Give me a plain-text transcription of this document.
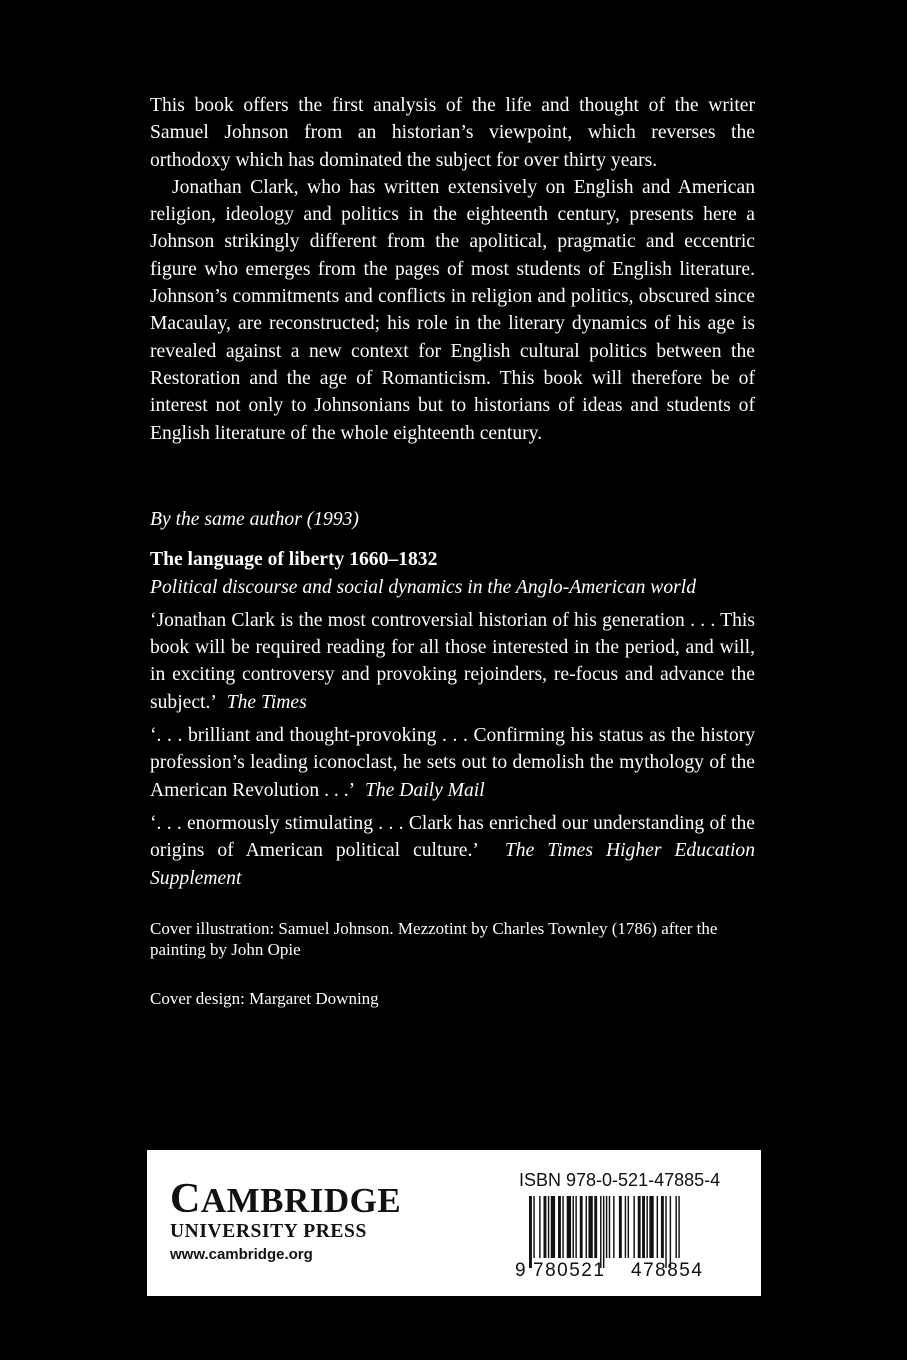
This book offers the first analysis of the life and thought of the writer Samuel Johnson from an historian’s viewpoint, which reverses the orthodoxy which has dominated the subject for over thirty years.

Jonathan Clark, who has written extensively on English and American religion, ideology and politics in the eighteenth century, presents here a Johnson strikingly different from the apolitical, pragmatic and eccentric figure who emerges from the pages of most students of English literature. Johnson’s commitments and conflicts in religion and politics, obscured since Macaulay, are reconstructed; his role in the literary dynamics of his age is revealed against a new context for English cultural politics between the Restoration and the age of Romanticism. This book will therefore be of interest not only to Johnsonians but to historians of ideas and students of English literature of the whole eighteenth century.

By the same author (1993)

The language of liberty 1660–1832

Political discourse and social dynamics in the Anglo-American world

‘Jonathan Clark is the most controversial historian of his generation . . . This book will be required reading for all those interested in the period, and will, in exciting controversy and provoking rejoinders, re-focus and advance the subject.’ The Times

‘. . . brilliant and thought-provoking . . . Confirming his status as the history profession’s leading iconoclast, he sets out to demolish the mythology of the American Revolution . . .’ The Daily Mail

‘. . . enormously stimulating . . . Clark has enriched our understanding of the origins of American political culture.’ The Times Higher Education Supplement

Cover illustration: Samuel Johnson. Mezzotint by Charles Townley (1786) after the painting by John Opie

Cover design: Margaret Downing

CAMBRIDGE
UNIVERSITY PRESS
www.cambridge.org
ISBN 978-0-521-47885-4
9 780521 478854
